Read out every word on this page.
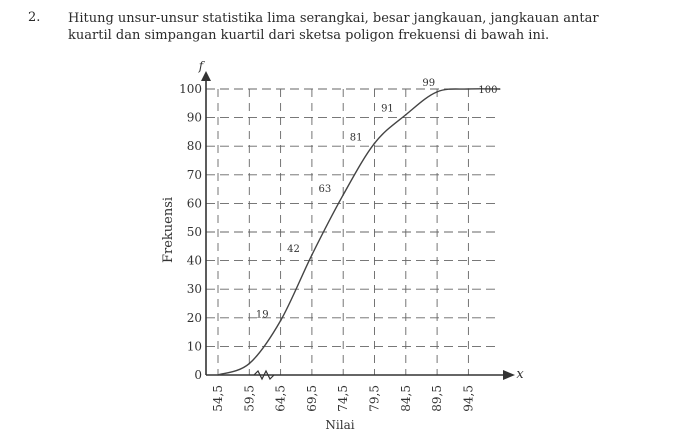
2. Hitung unsur-unsur statistika lima serangkai, besar jangkauan, jangkauan antar
kuartil dan simpangan kuartil dari sketsa poligon frekuensi di bawah ini.
0
10
20
30
40
50
60
70
80
90
100
54,5 59,5 64,5 69,5 74,5 79,5 84,5 89,5 94,5
19
42
63
81
91
99
100
Frekuensi
Nilai
f
x
